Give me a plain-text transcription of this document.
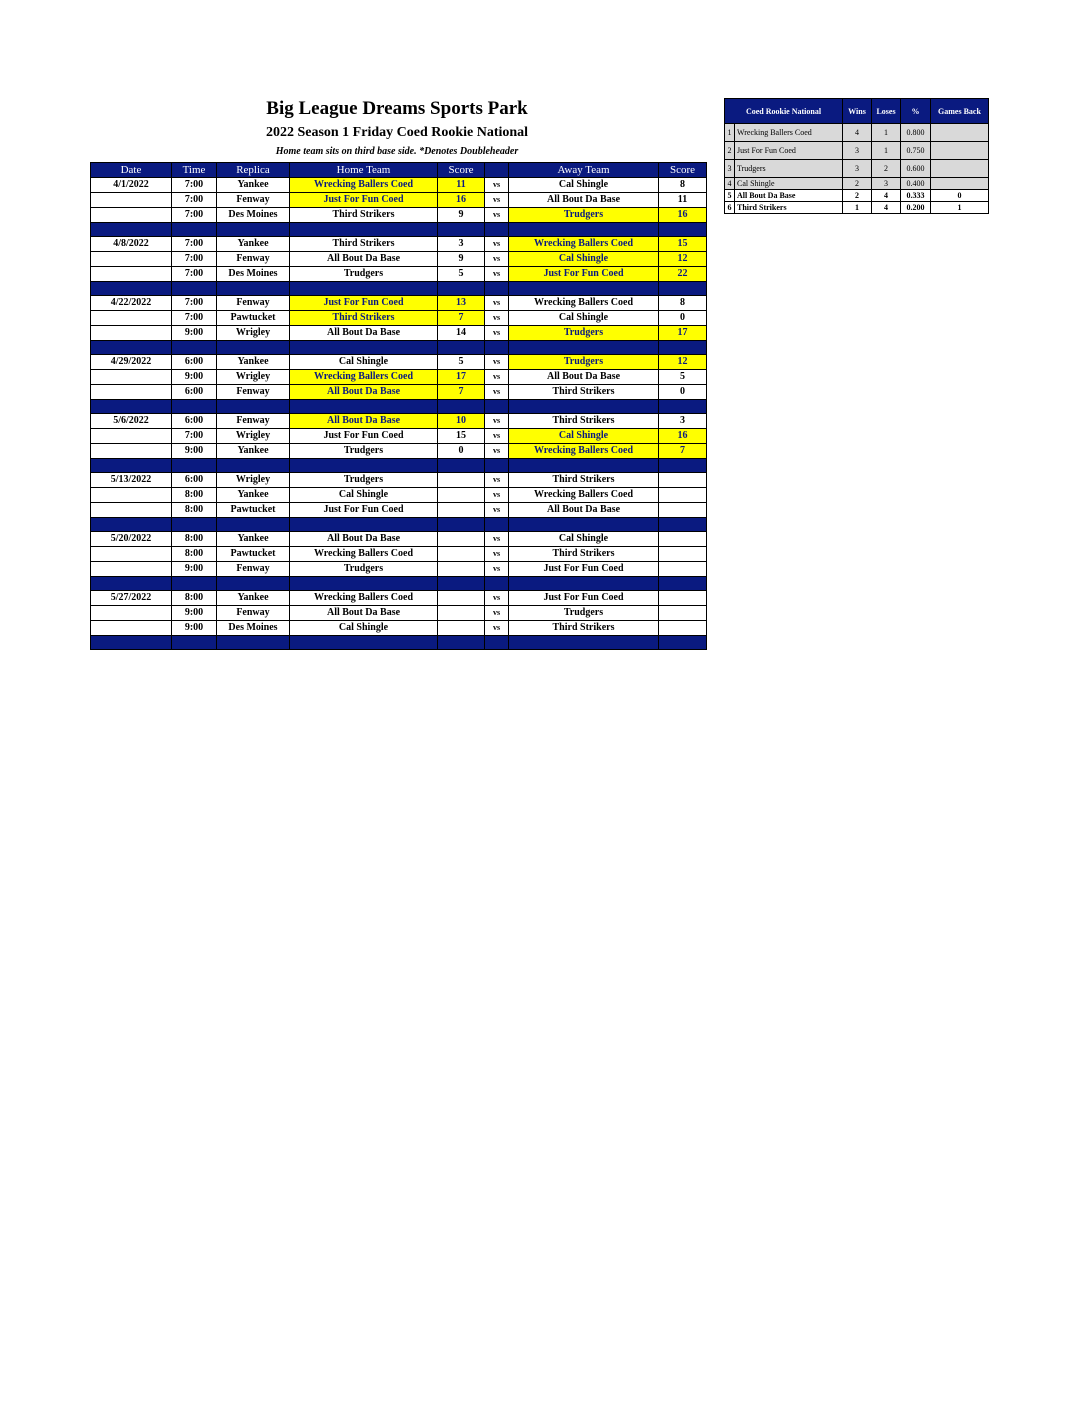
Big League Dreams Sports Park
2022 Season 1 Friday Coed Rookie National
Home team sits on third base side. *Denotes Doubleheader
Date	Time	Replica	Home Team	Score		Away Team	Score
4/1/2022	7:00	Yankee	Wrecking Ballers Coed	11	vs	Cal Shingle	8
	7:00	Fenway	Just For Fun Coed	16	vs	All Bout Da Base	11
	7:00	Des Moines	Third Strikers	9	vs	Trudgers	16

4/8/2022	7:00	Yankee	Third Strikers	3	vs	Wrecking Ballers Coed	15
	7:00	Fenway	All Bout Da Base	9	vs	Cal Shingle	12
	7:00	Des Moines	Trudgers	5	vs	Just For Fun Coed	22

4/22/2022	7:00	Fenway	Just For Fun Coed	13	vs	Wrecking Ballers Coed	8
	7:00	Pawtucket	Third Strikers	7	vs	Cal Shingle	0
	9:00	Wrigley	All Bout Da Base	14	vs	Trudgers	17

4/29/2022	6:00	Yankee	Cal Shingle	5	vs	Trudgers	12
	9:00	Wrigley	Wrecking Ballers Coed	17	vs	All Bout Da Base	5
	6:00	Fenway	All Bout Da Base	7	vs	Third Strikers	0

5/6/2022	6:00	Fenway	All Bout Da Base	10	vs	Third Strikers	3
	7:00	Wrigley	Just For Fun Coed	15	vs	Cal Shingle	16
	9:00	Yankee	Trudgers	0	vs	Wrecking Ballers Coed	7

5/13/2022	6:00	Wrigley	Trudgers		vs	Third Strikers	
	8:00	Yankee	Cal Shingle		vs	Wrecking Ballers Coed	
	8:00	Pawtucket	Just For Fun Coed		vs	All Bout Da Base	

5/20/2022	8:00	Yankee	All Bout Da Base		vs	Cal Shingle	
	8:00	Pawtucket	Wrecking Ballers Coed		vs	Third Strikers	
	9:00	Fenway	Trudgers		vs	Just For Fun Coed	

5/27/2022	8:00	Yankee	Wrecking Ballers Coed		vs	Just For Fun Coed	
	9:00	Fenway	All Bout Da Base		vs	Trudgers	
	9:00	Des Moines	Cal Shingle		vs	Third Strikers	

Coed Rookie National		Wins	Loses	%	Games Back
1	Wrecking Ballers Coed	4	1	0.800	
2	Just For Fun Coed	3	1	0.750	
3	Trudgers	3	2	0.600	
4	Cal Shingle	2	3	0.400	
5	All Bout Da Base	2	4	0.333	0
6	Third Strikers	1	4	0.200	1
